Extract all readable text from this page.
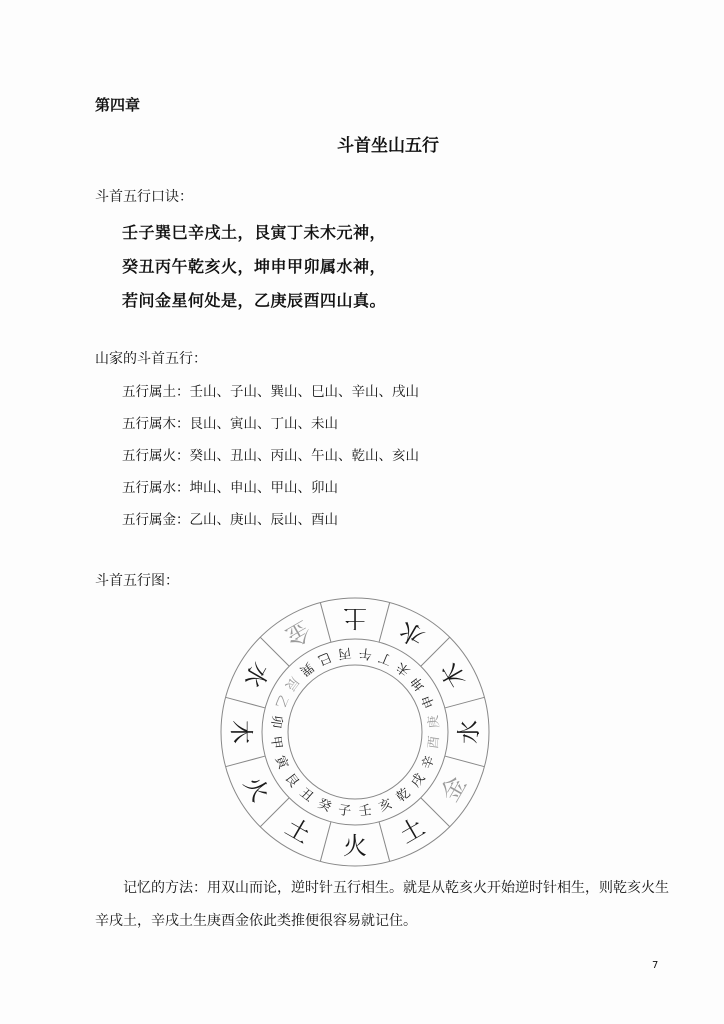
第四章
斗首坐山五行
斗首五行口诀：
壬子巽巳辛戌土，艮寅丁未木元神，
癸丑丙午乾亥火，坤申甲卯属水神，
若问金星何处是，乙庚辰酉四山真。
山家的斗首五行：
五行属土：壬山、子山、巽山、巳山、辛山、戌山
五行属木：艮山、寅山、丁山、未山
五行属火：癸山、丑山、丙山、午山、乾山、亥山
五行属水：坤山、申山、甲山、卯山
五行属金：乙山、庚山、辰山、酉山
斗首五行图：
土 水
木
水
金
土
火
土
火
木
水
金
丙 午 丁
未
坤
申
庚
酉
辛
戌
乾
亥
壬
子
癸
丑
艮
寅
甲
卯
乙
辰
巽
巳
记忆的方法：用双山而论，逆时针五行相生。就是从乾亥火开始逆时针相生，则乾亥火生辛戌土，辛戌土生庚酉金依此类推便很容易就记住。
7
